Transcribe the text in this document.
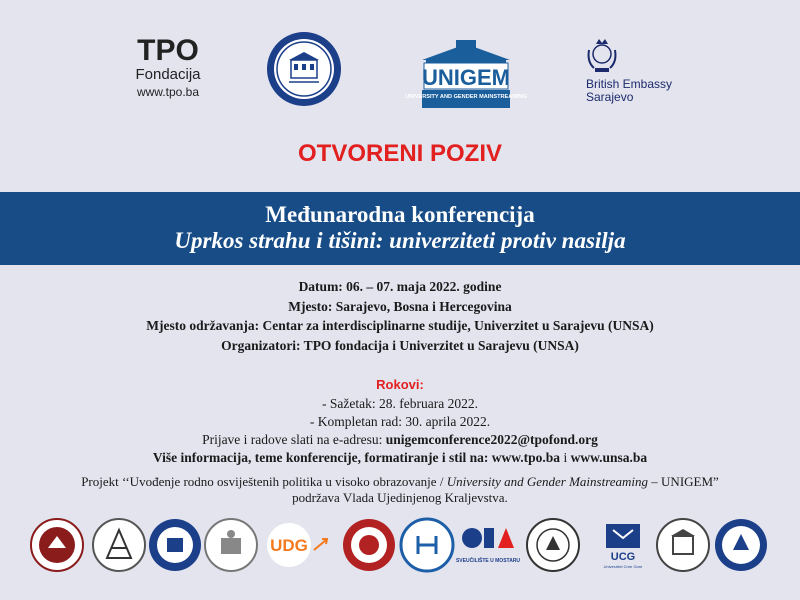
TPO
Fondacija
www.tpo.ba
UNIGEM
UNIVERSITY AND GENDER MAINSTREAMING
British Embassy
Sarajevo
OTVORENI POZIV
Međunarodna konferencija
Uprkos strahu i tišini: univerziteti protiv nasilja
Datum: 06. – 07. maja 2022. godine
Mjesto: Sarajevo, Bosna i Hercegovina
Mjesto održavanja: Centar za interdisciplinarne studije, Univerzitet u Sarajevu (UNSA)
Organizatori: TPO fondacija i Univerzitet u Sarajevu (UNSA)
Rokovi:
- Sažetak: 28. februara 2022.
- Kompletan rad: 30. aprila 2022.
Prijave i radove slati na e-adresu: unigemconference2022@tpofond.org
Više informacija, teme konferencije, formatiranje i stil na: www.tpo.ba i www.unsa.ba
Projekt ‘‘Uvođenje rodno osviještenih politika u visoko obrazovanje / University and Gender Mainstreaming – UNIGEM”
podržava Vlada Ujedinjenog Kraljevstva.
UDG
SVEUČILIŠTE U MOSTARU	UCG
Univerzitet Crne Gore
